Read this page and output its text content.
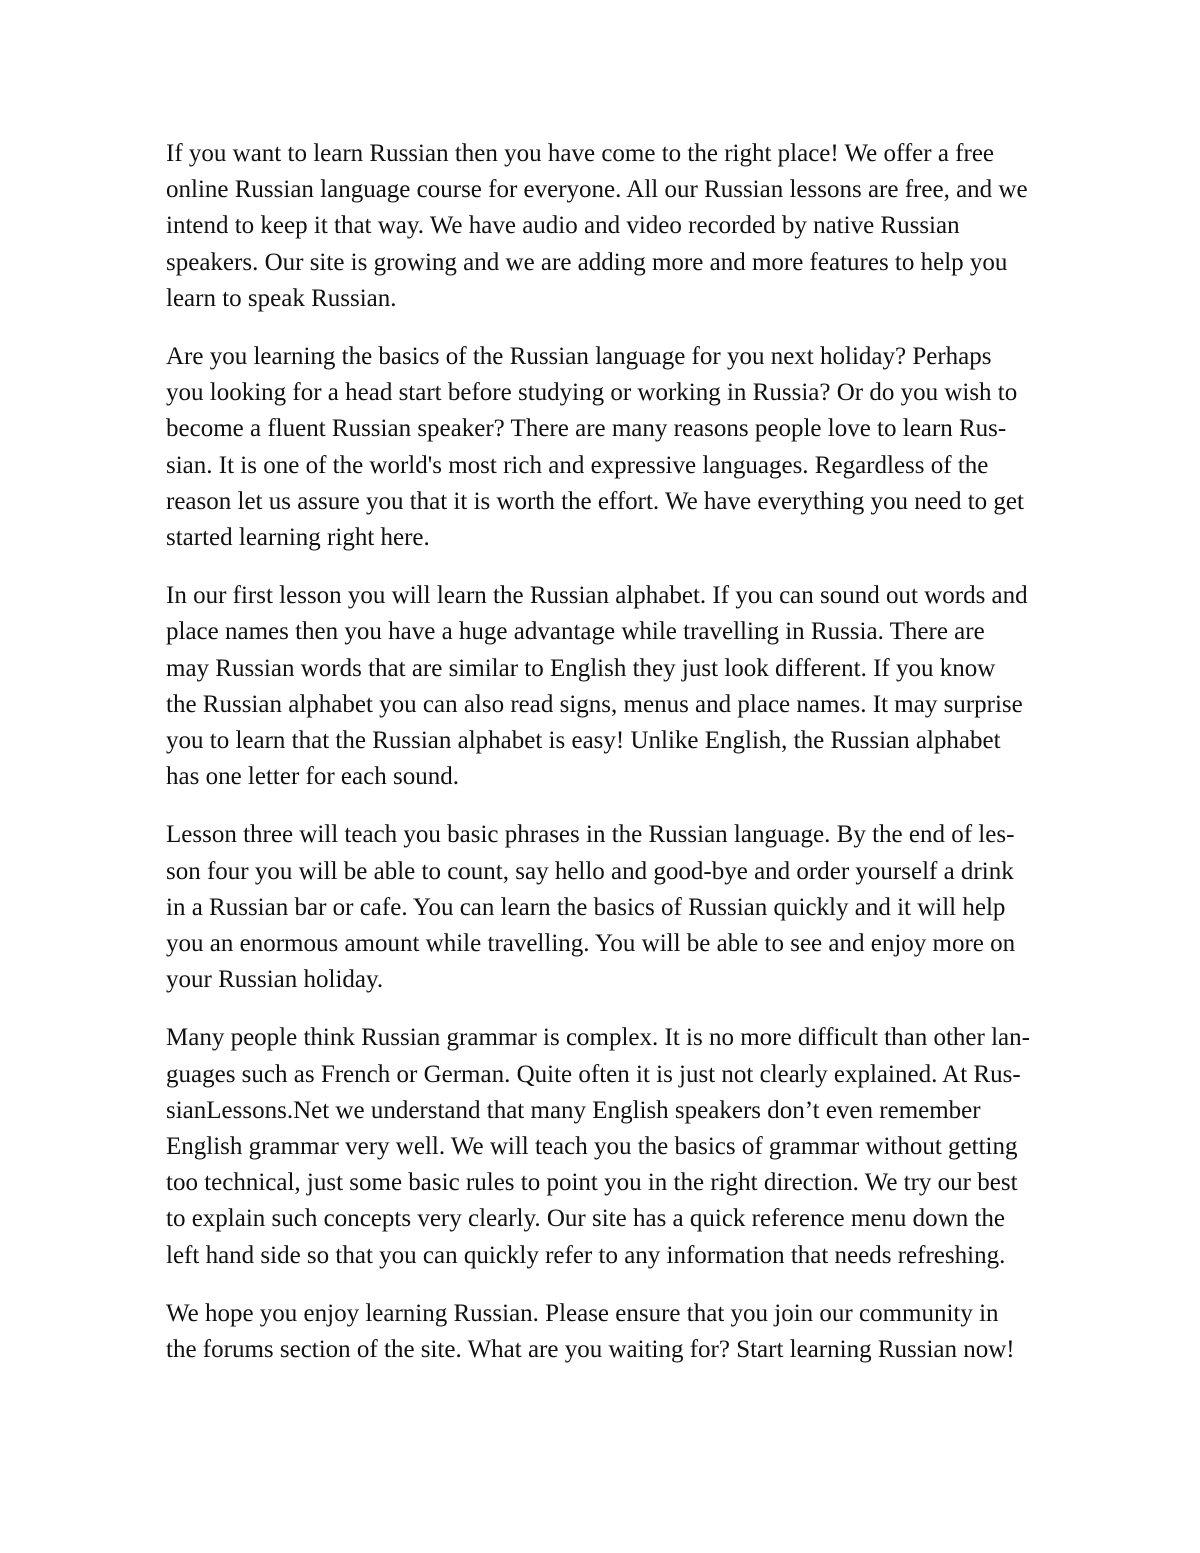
If you want to learn Russian then you have come to the right place! We offer a free
online Russian language course for everyone. All our Russian lessons are free, and we
intend to keep it that way. We have audio and video recorded by native Russian
speakers. Our site is growing and we are adding more and more features to help you
learn to speak Russian.

Are you learning the basics of the Russian language for you next holiday? Perhaps
you looking for a head start before studying or working in Russia? Or do you wish to
become a fluent Russian speaker? There are many reasons people love to learn Rus-
sian. It is one of the world's most rich and expressive languages. Regardless of the
reason let us assure you that it is worth the effort. We have everything you need to get
started learning right here.

In our first lesson you will learn the Russian alphabet. If you can sound out words and
place names then you have a huge advantage while travelling in Russia. There are
may Russian words that are similar to English they just look different. If you know
the Russian alphabet you can also read signs, menus and place names. It may surprise
you to learn that the Russian alphabet is easy! Unlike English, the Russian alphabet
has one letter for each sound.

Lesson three will teach you basic phrases in the Russian language. By the end of les-
son four you will be able to count, say hello and good-bye and order yourself a drink
in a Russian bar or cafe. You can learn the basics of Russian quickly and it will help
you an enormous amount while travelling. You will be able to see and enjoy more on
your Russian holiday.

Many people think Russian grammar is complex. It is no more difficult than other lan-
guages such as French or German. Quite often it is just not clearly explained. At Rus-
sianLessons.Net we understand that many English speakers don’t even remember
English grammar very well. We will teach you the basics of grammar without getting
too technical, just some basic rules to point you in the right direction. We try our best
to explain such concepts very clearly. Our site has a quick reference menu down the
left hand side so that you can quickly refer to any information that needs refreshing.

We hope you enjoy learning Russian. Please ensure that you join our community in
the forums section of the site. What are you waiting for? Start learning Russian now!
